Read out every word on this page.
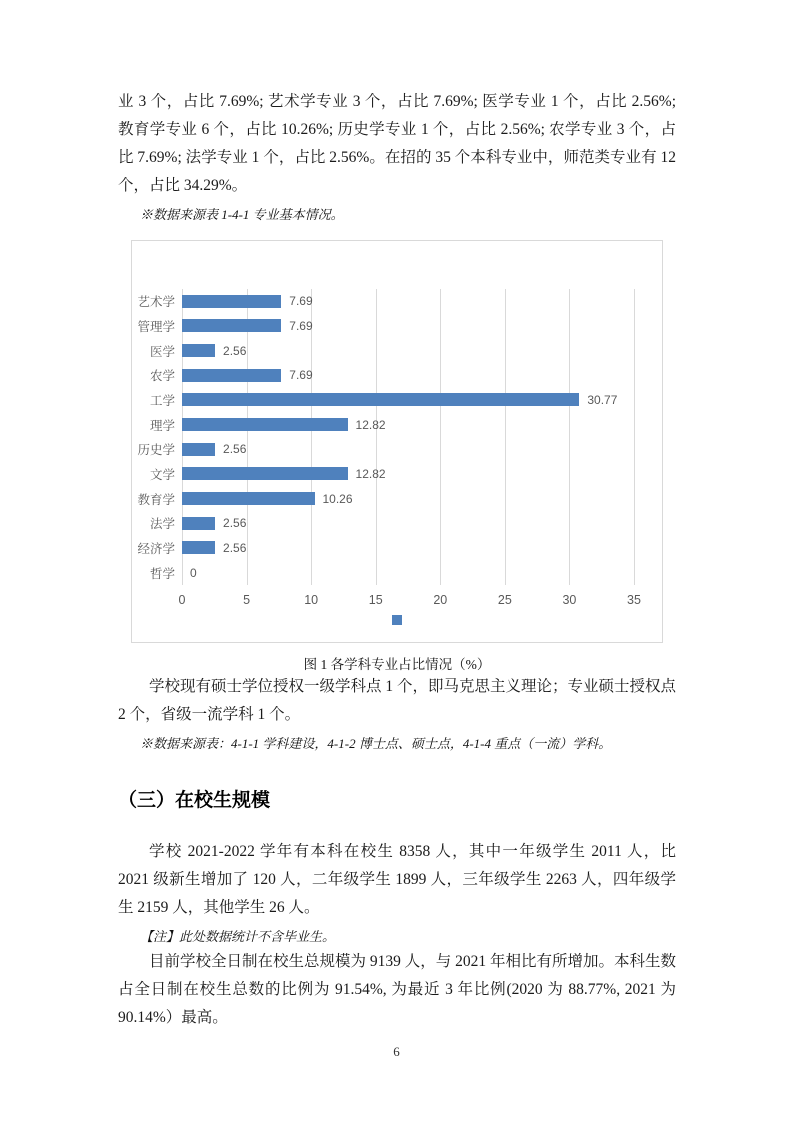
业 3 个，占比 7.69%; 艺术学专业 3 个，占比 7.69%; 医学专业 1 个，占比 2.56%; 教育学专业 6 个，占比 10.26%; 历史学专业 1 个，占比 2.56%; 农学专业 3 个，占比 7.69%; 法学专业 1 个，占比 2.56%。在招的 35 个本科专业中，师范类专业有 12 个，占比 34.29%。

※数据来源表 1-4-1 专业基本情况。

艺术学	7.69
管理学	7.69
医学	2.56
农学	7.69
工学	30.77
理学	12.82
历史学	2.56
文学	12.82
教育学	10.26
法学	2.56
经济学	2.56
哲学 0
0	5	10	15	20	25	30	35

图 1 各学科专业占比情况（%）

学校现有硕士学位授权一级学科点 1 个，即马克思主义理论；专业硕士授权点 2 个，省级一流学科 1 个。

※数据来源表：4-1-1 学科建设，4-1-2 博士点、硕士点，4-1-4 重点（一流）学科。

（三）在校生规模

学校 2021-2022 学年有本科在校生 8358 人，其中一年级学生 2011 人，比 2021 级新生增加了 120 人，二年级学生 1899 人，三年级学生 2263 人，四年级学生 2159 人，其他学生 26 人。

【注】此处数据统计不含毕业生。

目前学校全日制在校生总规模为 9139 人，与 2021 年相比有所增加。本科生数占全日制在校生总数的比例为 91.54%, 为最近 3 年比例(2020 为 88.77%, 2021 为 90.14%）最高。

6
